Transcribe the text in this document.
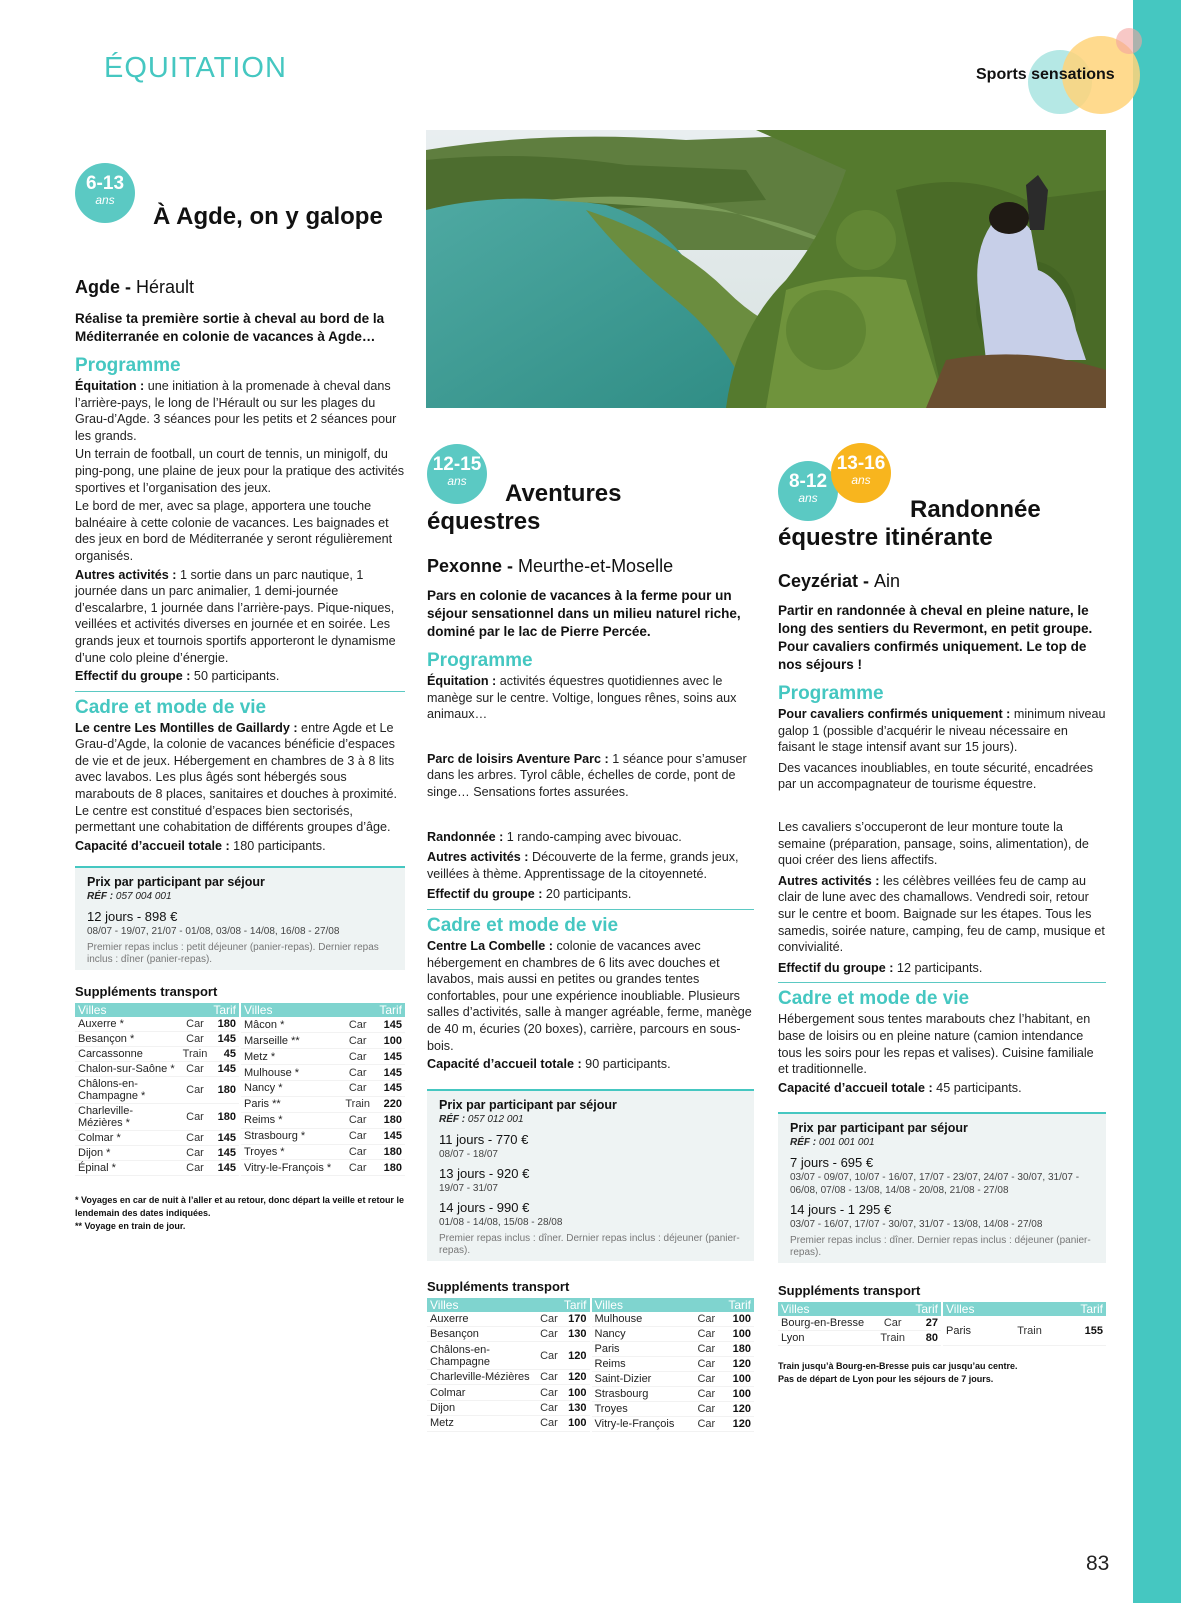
ÉQUITATION	Sports sensations
6-13
ans
À Agde, on y galope
Agde - Hérault
Réalise ta première sortie à cheval au bord de la Méditerranée en colonie de vacances à Agde…
Programme
Équitation : une initiation à la promenade à cheval dans l’arrière-pays, le long de l’Hérault ou sur les plages du Grau-d’Agde. 3 séances pour les petits et 2 séances pour les grands.
Un terrain de football, un court de tennis, un minigolf, du ping-pong, une plaine de jeux pour la pratique des activités sportives et l’organisation des jeux.
Le bord de mer, avec sa plage, apportera une touche balnéaire à cette colonie de vacances. Les baignades et des jeux en bord de Méditerranée y seront régulièrement organisés.
Autres activités : 1 sortie dans un parc nautique, 1 journée dans un parc animalier, 1 demi-journée d’escalarbre, 1 journée dans l’arrière-pays. Pique-niques, veillées et activités diverses en journée et en soirée. Les grands jeux et tournois sportifs apporteront le dynamisme d’une colo pleine d’énergie.
Effectif du groupe : 50 participants.
Cadre et mode de vie
Le centre Les Montilles de Gaillardy : entre Agde et Le Grau-d’Agde, la colonie de vacances bénéficie d’espaces de vie et de jeux. Hébergement en chambres de 3 à 8 lits avec lavabos. Les plus âgés sont hébergés sous marabouts de 8 places, sanitaires et douches à proximité. Le centre est constitué d’espaces bien sectorisés, permettant une cohabitation de différents groupes d’âge.
Capacité d’accueil totale : 180 participants.
Prix par participant par séjour
RÉF : 057 004 001
12 jours - 898 €
08/07 - 19/07, 21/07 - 01/08, 03/08 - 14/08, 16/08 - 27/08
Premier repas inclus : petit déjeuner (panier-repas). Dernier repas inclus : dîner (panier-repas).
Suppléments transport
Villes		Tarif
Auxerre *	Car	180
Besançon *	Car	145
Carcassonne	Train	45
Chalon-sur-Saône *	Car	145
Châlons-en-Champagne *	Car	180
Charleville-Mézières *	Car	180
Colmar *	Car	145
Dijon *	Car	145
Épinal *	Car	145
Villes		Tarif
Mâcon *	Car	145
Marseille **	Car	100
Metz *	Car	145
Mulhouse *	Car	145
Nancy *	Car	145
Paris **	Train	220
Reims *	Car	180
Strasbourg *	Car	145
Troyes *	Car	180
Vitry-le-François *	Car	180
* Voyages en car de nuit à l’aller et au retour, donc départ la veille et retour le lendemain des dates indiquées.
** Voyage en train de jour.
12-15
ans	Aventures équestres
Pexonne - Meurthe-et-Moselle
Pars en colonie de vacances à la ferme pour un séjour sensationnel dans un milieu naturel riche, dominé par le lac de Pierre Percée.
Programme
Équitation : activités équestres quotidiennes avec le manège sur le centre. Voltige, longues rênes, soins aux animaux…
Parc de loisirs Aventure Parc : 1 séance pour s’amuser dans les arbres. Tyrol câble, échelles de corde, pont de singe… Sensations fortes assurées.
Randonnée : 1 rando-camping avec bivouac.
Autres activités : Découverte de la ferme, grands jeux, veillées à thème. Apprentissage de la citoyenneté.
Effectif du groupe : 20 participants.
Cadre et mode de vie
Centre La Combelle : colonie de vacances avec hébergement en chambres de 6 lits avec douches et lavabos, mais aussi en petites ou grandes tentes confortables, pour une expérience inoubliable. Plusieurs salles d’activités, salle à manger agréable, ferme, manège de 40 m, écuries (20 boxes), carrière, parcours en sous-bois.
Capacité d’accueil totale : 90 participants.
Prix par participant par séjour
RÉF : 057 012 001
11 jours - 770 €
08/07 - 18/07
13 jours - 920 €
19/07 - 31/07
14 jours - 990 €
01/08 - 14/08, 15/08 - 28/08
Premier repas inclus : dîner. Dernier repas inclus : déjeuner (panier-repas).
Suppléments transport
Villes		Tarif
Auxerre	Car	170
Besançon	Car	130
Châlons-en-Champagne	Car	120
Charleville-Mézières	Car	120
Colmar	Car	100
Dijon	Car	130
Metz	Car	100
Villes		Tarif
Mulhouse	Car	100
Nancy	Car	100
Paris	Car	180
Reims	Car	120
Saint-Dizier	Car	100
Strasbourg	Car	100
Troyes	Car	120
Vitry-le-François	Car	120
8-12
ans
13-16
ans
Randonnée équestre itinérante
Ceyzériat - Ain
Partir en randonnée à cheval en pleine nature, le long des sentiers du Revermont, en petit groupe. Pour cavaliers confirmés uniquement. Le top de nos séjours !
Programme
Pour cavaliers confirmés uniquement : minimum niveau galop 1 (possible d’acquérir le niveau nécessaire en faisant le stage intensif avant sur 15 jours).
Des vacances inoubliables, en toute sécurité, encadrées par un accompagnateur de tourisme équestre.
Les cavaliers s’occuperont de leur monture toute la semaine (préparation, pansage, soins, alimentation), de quoi créer des liens affectifs.
Autres activités : les célèbres veillées feu de camp au clair de lune avec des chamallows. Vendredi soir, retour sur le centre et boom. Baignade sur les étapes. Tous les samedis, soirée nature, camping, feu de camp, musique et convivialité.
Effectif du groupe : 12 participants.
Cadre et mode de vie
Hébergement sous tentes marabouts chez l’habitant, en base de loisirs ou en pleine nature (camion intendance tous les soirs pour les repas et valises). Cuisine familiale et traditionnelle.
Capacité d’accueil totale : 45 participants.
Prix par participant par séjour
RÉF : 001 001 001
7 jours - 695 €
03/07 - 09/07, 10/07 - 16/07, 17/07 - 23/07, 24/07 - 30/07, 31/07 - 06/08, 07/08 - 13/08, 14/08 - 20/08, 21/08 - 27/08
14 jours - 1 295 €
03/07 - 16/07, 17/07 - 30/07, 31/07 - 13/08, 14/08 - 27/08
Premier repas inclus : dîner. Dernier repas inclus : déjeuner (panier-repas).
Suppléments transport
Villes		Tarif
Bourg-en-Bresse	Car	27
Lyon	Train	80
Villes		Tarif
Paris	Train	155
Train jusqu’à Bourg-en-Bresse puis car jusqu’au centre.
Pas de départ de Lyon pour les séjours de 7 jours.
83
